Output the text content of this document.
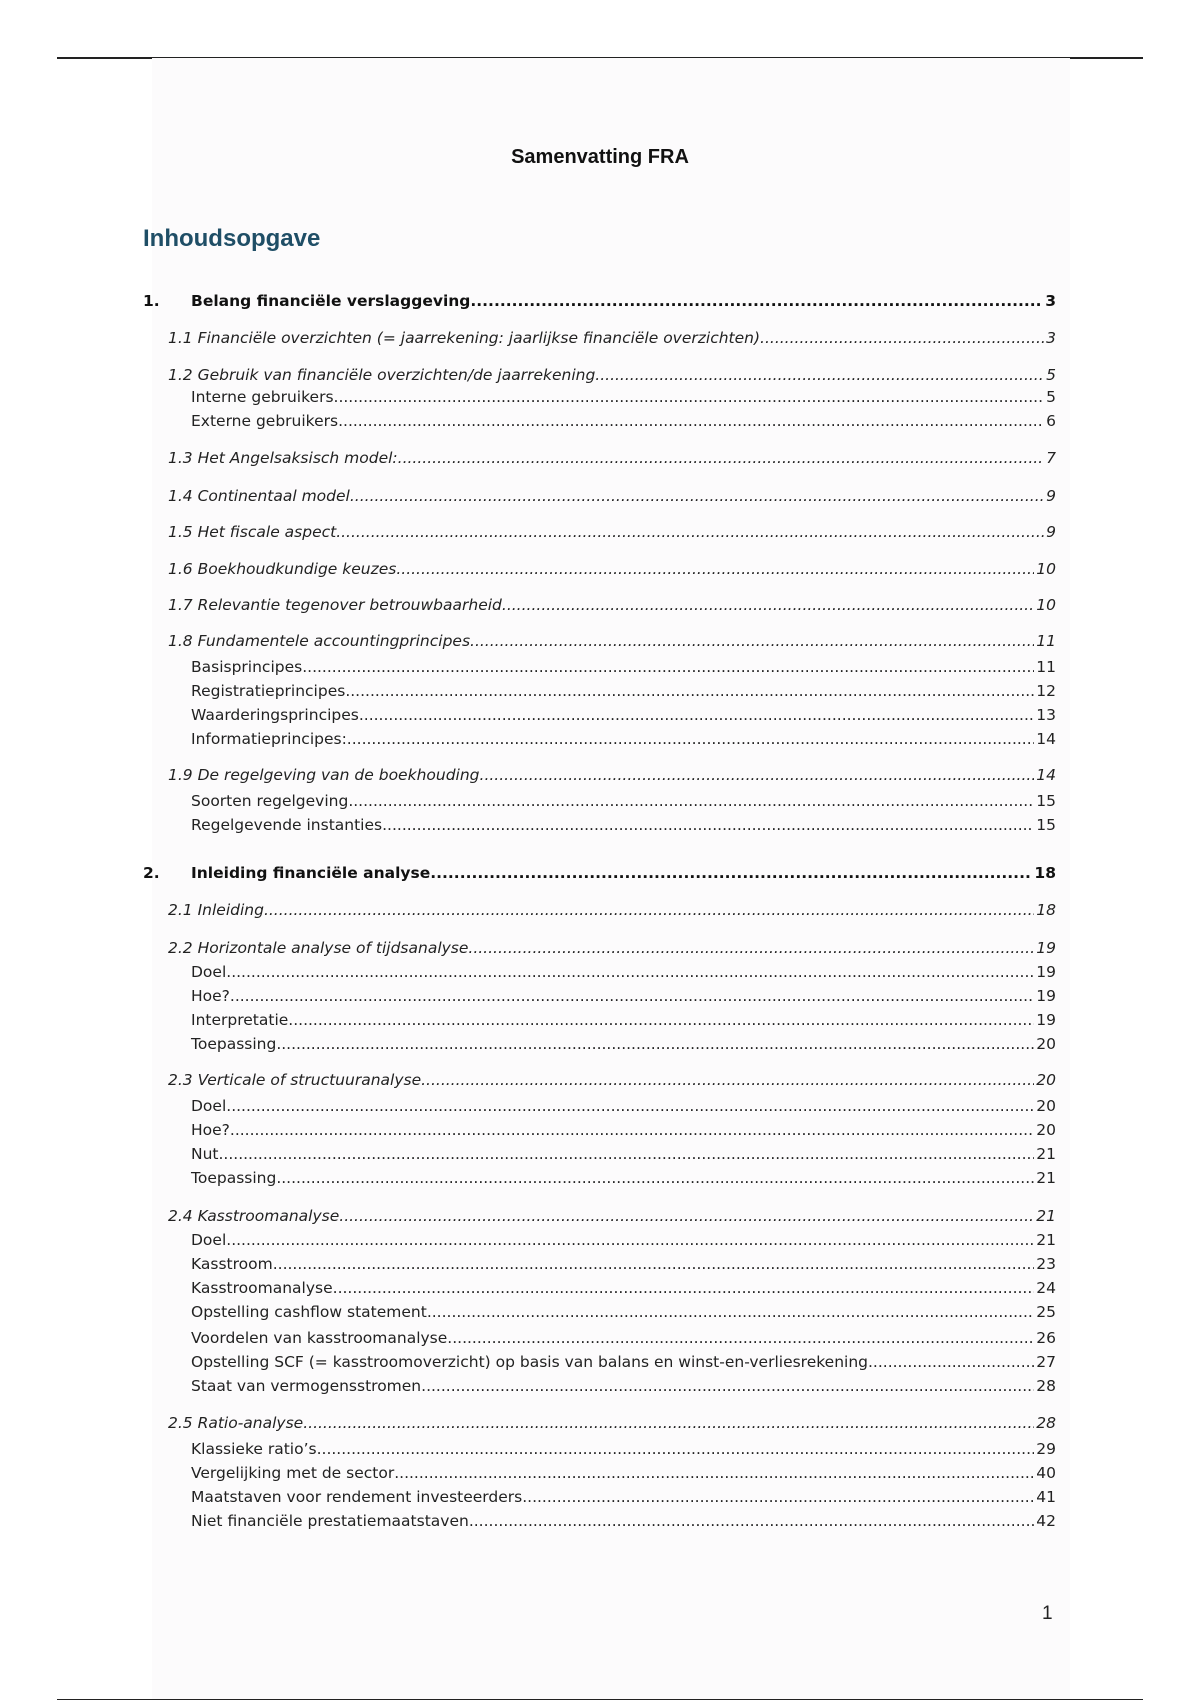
Samenvatting FRA
Inhoudsopgave
1.	Belang financiële verslaggeving .....	3
1.1 Financiële overzichten (= jaarrekening: jaarlijkse financiële overzichten) .....	3
1.2 Gebruik van financiële overzichten/de jaarrekening .....	5
Interne gebruikers .....	5
Externe gebruikers .....	6
1.3 Het Angelsaksisch model: .....	7
1.4 Continentaal model .....	9
1.5 Het fiscale aspect .....	9
1.6 Boekhoudkundige keuzes .....	10
1.7 Relevantie tegenover betrouwbaarheid .....	10
1.8 Fundamentele accountingprincipes .....	11
Basisprincipes .....	11
Registratieprincipes .....	12
Waarderingsprincipes .....	13
Informatieprincipes: .....	14
1.9 De regelgeving van de boekhouding .....	14
Soorten regelgeving .....	15
Regelgevende instanties .....	15
2.	Inleiding financiële analyse .....	18
2.1 Inleiding .....	18
2.2 Horizontale analyse of tijdsanalyse .....	19
Doel .....	19
Hoe? .....	19
Interpretatie .....	19
Toepassing .....	20
2.3 Verticale of structuuranalyse .....	20
Doel .....	20
Hoe? .....	20
Nut .....	21
Toepassing .....	21
2.4 Kasstroomanalyse .....	21
Doel .....	21
Kasstroom .....	23
Kasstroomanalyse .....	24
Opstelling cashflow statement .....	25
Voordelen van kasstroomanalyse .....	26
Opstelling SCF (= kasstroomoverzicht) op basis van balans en winst-en-verliesrekening .....	27
Staat van vermogensstromen .....	28
2.5 Ratio-analyse .....	28
Klassieke ratio’s .....	29
Vergelijking met de sector .....	40
Maatstaven voor rendement investeerders .....	41
Niet financiële prestatiemaatstaven .....	42
1
